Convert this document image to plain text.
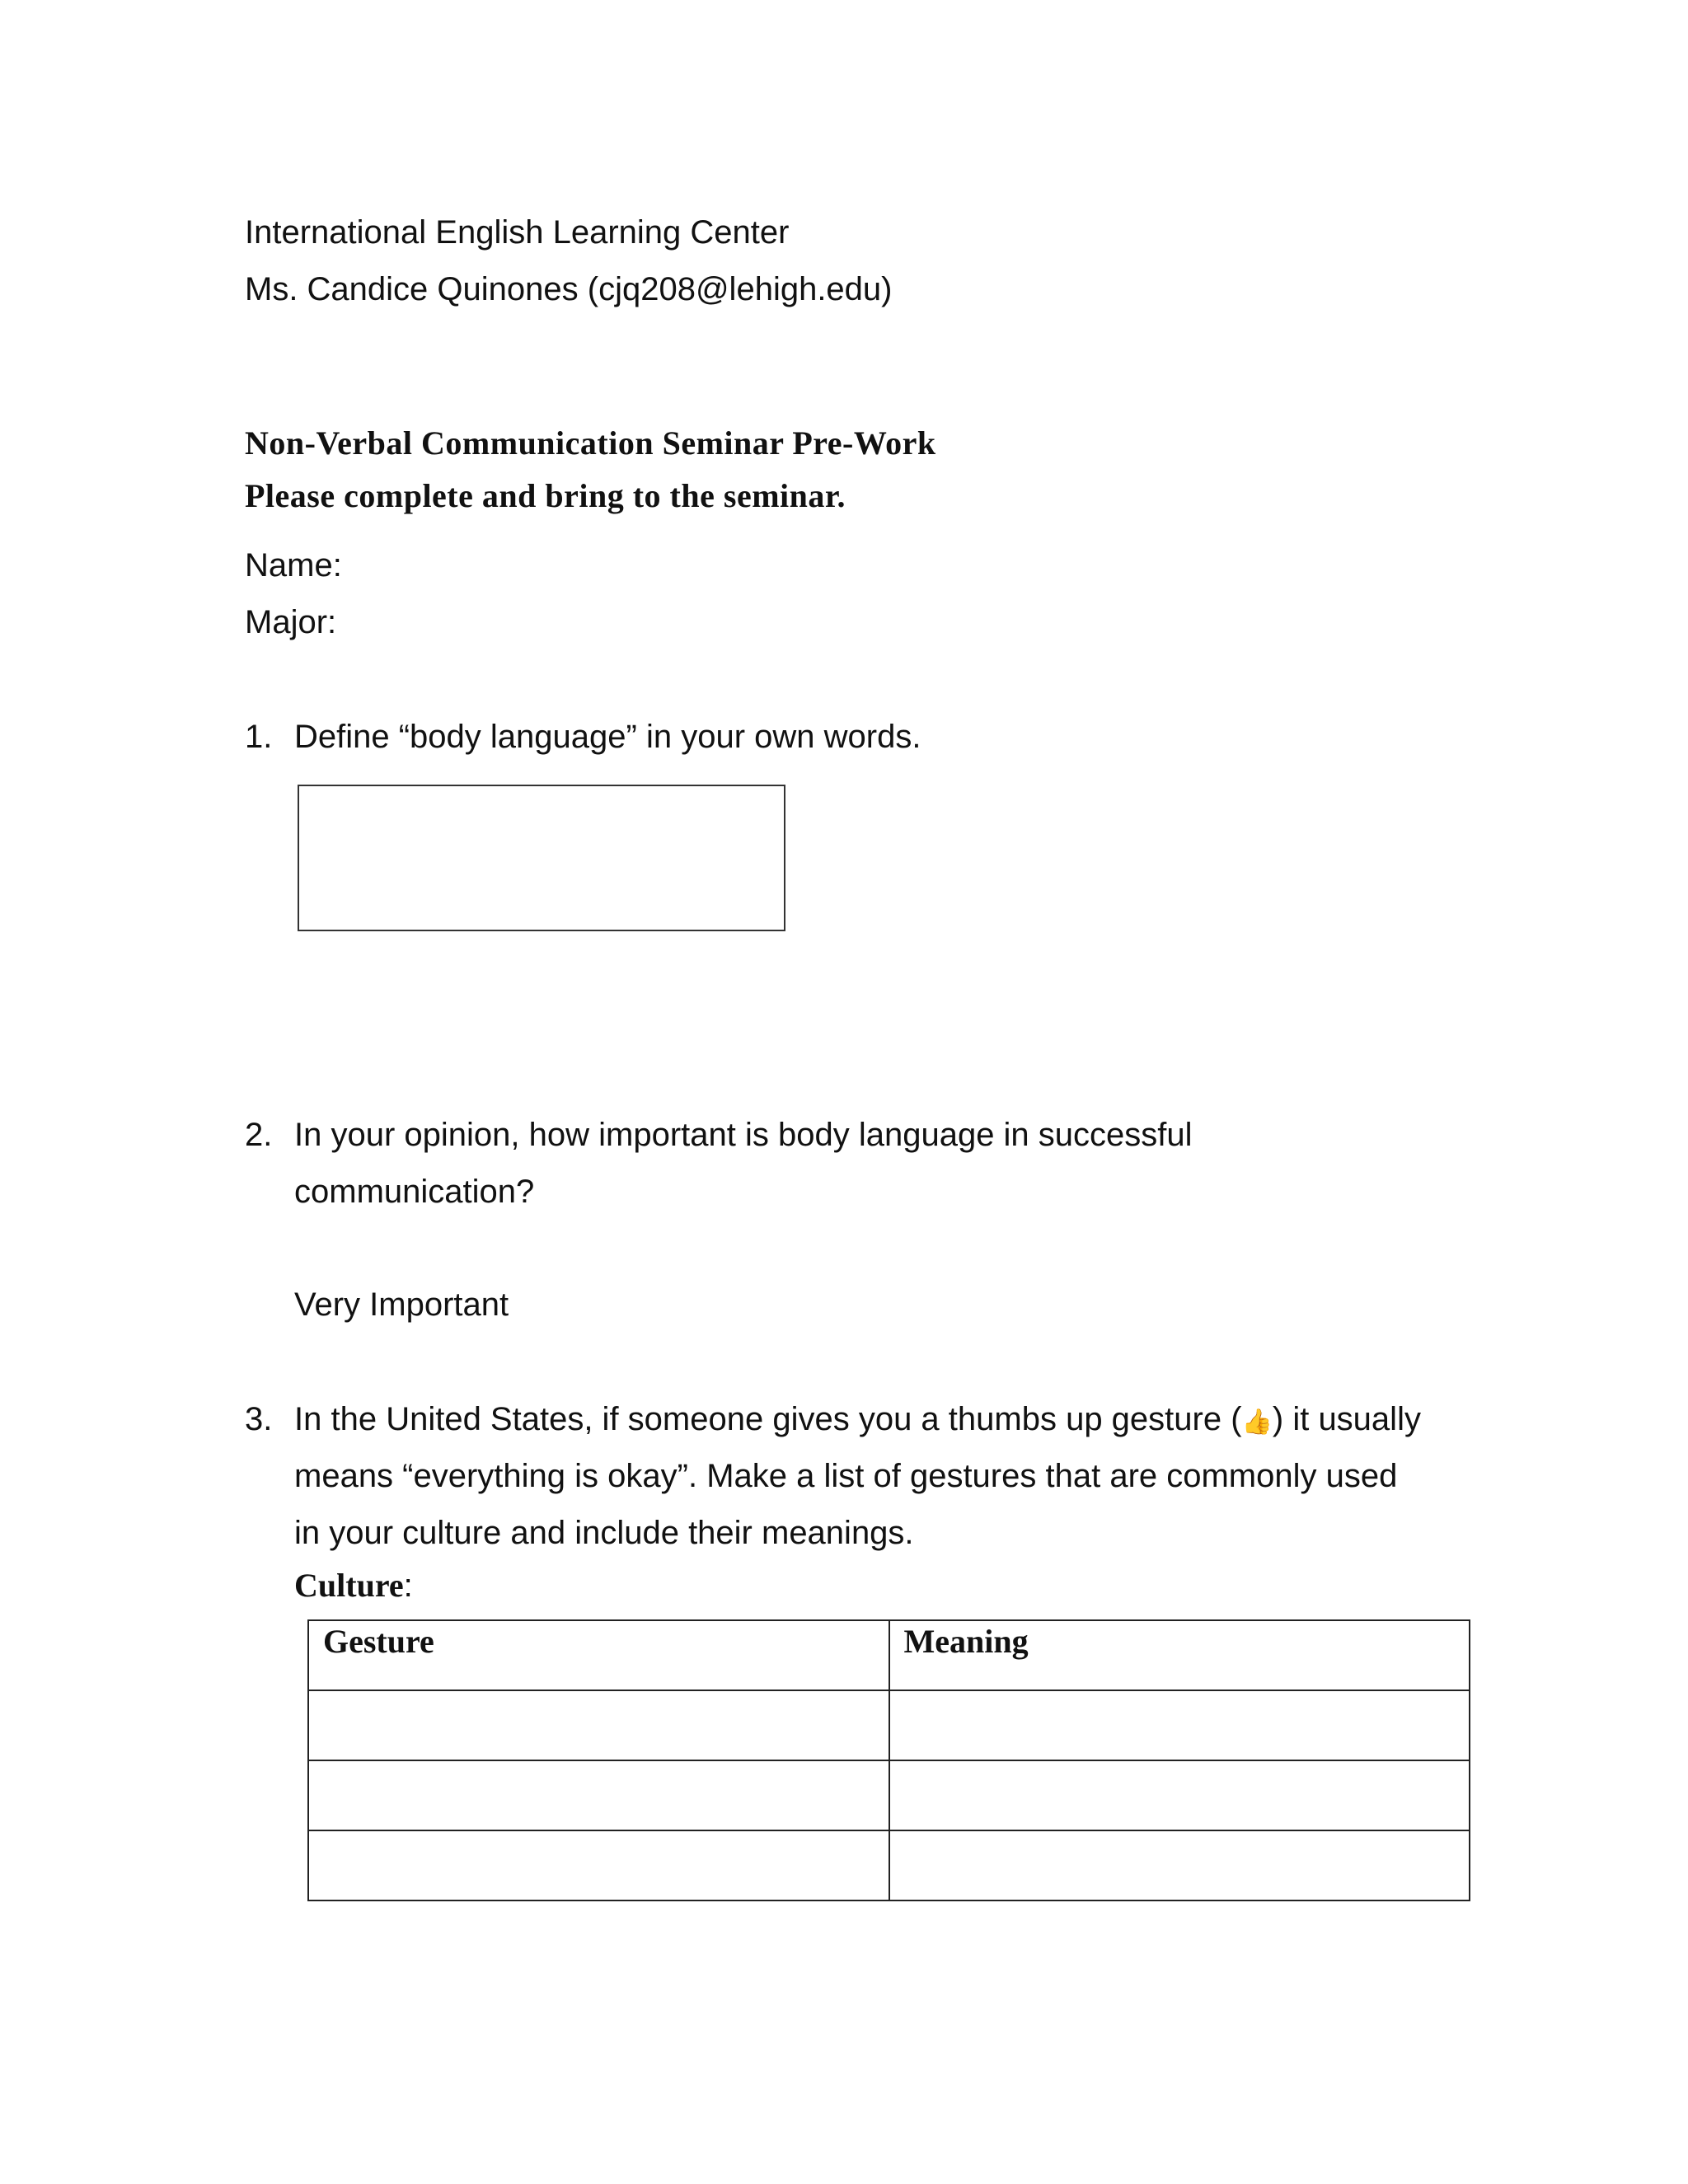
International English Learning Center

Ms. Candice Quinones (cjq208@lehigh.edu)

Non-Verbal Communication Seminar Pre-Work

Please complete and bring to the seminar.

Name:

Major:

1. Define “body language” in your own words.

2. In your opinion, how important is body language in successful

communication?

Very Important

3. In the United States, if someone gives you a thumbs up gesture (👍) it usually

means “everything is okay”. Make a list of gestures that are commonly used

in your culture and include their meanings.

Culture:

Gesture	Meaning
